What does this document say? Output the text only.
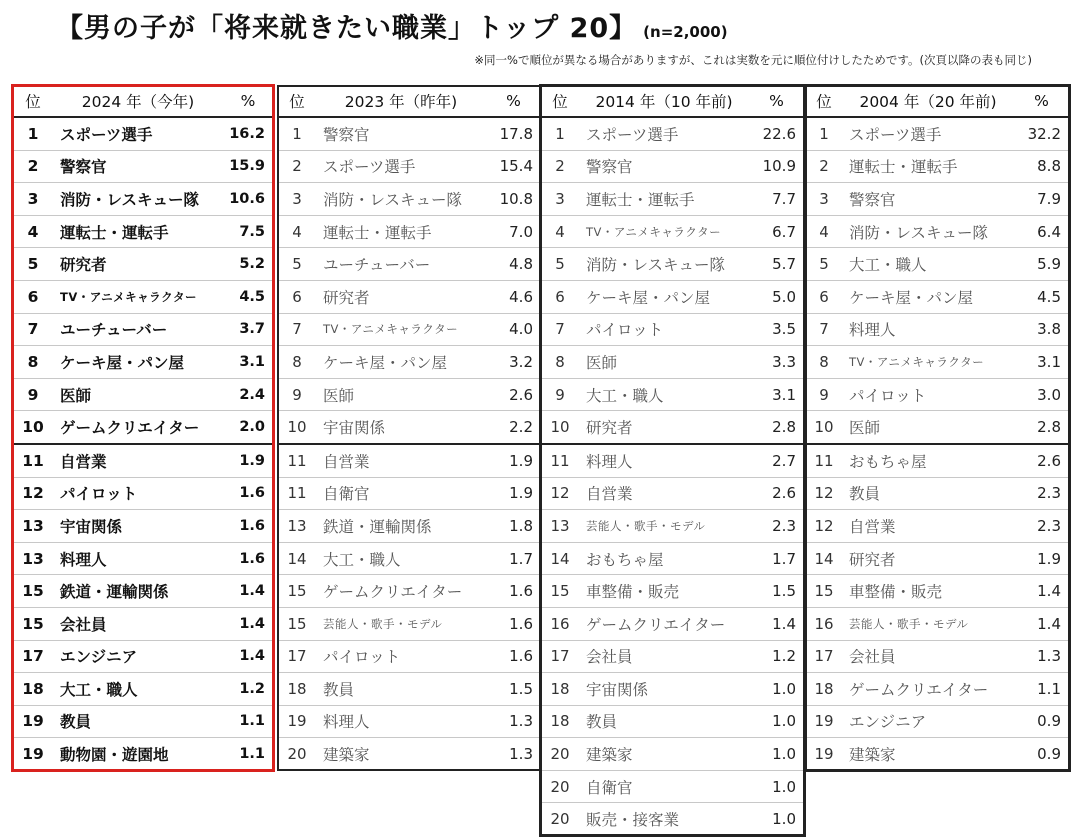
【男の子が「将来就きたい職業」トップ 20】 (n=2,000)
※同一%で順位が異なる場合がありますが、これは実数を元に順位付けしたためです。(次頁以降の表も同じ)
位	2024 年（今年)	%
1	スポーツ選手	16.2
2	警察官	15.9
3	消防・レスキュー隊	10.6
4	運転士・運転手	7.5
5	研究者	5.2
6	TV・アニメキャラクター	4.5
7	ユーチューバー	3.7
8	ケーキ屋・パン屋	3.1
9	医師	2.4
10	ゲームクリエイター	2.0
11	自営業	1.9
12	パイロット	1.6
13	宇宙関係	1.6
13	料理人	1.6
15	鉄道・運輸関係	1.4
15	会社員	1.4
17	エンジニア	1.4
18	大工・職人	1.2
19	教員	1.1
19	動物園・遊園地	1.1
位	2023 年（昨年)	%
1	警察官	17.8
2	スポーツ選手	15.4
3	消防・レスキュー隊	10.8
4	運転士・運転手	7.0
5	ユーチューバー	4.8
6	研究者	4.6
7	TV・アニメキャラクター	4.0
8	ケーキ屋・パン屋	3.2
9	医師	2.6
10	宇宙関係	2.2
11	自営業	1.9
11	自衛官	1.9
13	鉄道・運輸関係	1.8
14	大工・職人	1.7
15	ゲームクリエイター	1.6
15	芸能人・歌手・モデル	1.6
17	パイロット	1.6
18	教員	1.5
19	料理人	1.3
20	建築家	1.3
位	2014 年（10 年前)	%
1	スポーツ選手	22.6
2	警察官	10.9
3	運転士・運転手	7.7
4	TV・アニメキャラクター	6.7
5	消防・レスキュー隊	5.7
6	ケーキ屋・パン屋	5.0
7	パイロット	3.5
8	医師	3.3
9	大工・職人	3.1
10	研究者	2.8
11	料理人	2.7
12	自営業	2.6
13	芸能人・歌手・モデル	2.3
14	おもちゃ屋	1.7
15	車整備・販売	1.5
16	ゲームクリエイター	1.4
17	会社員	1.2
18	宇宙関係	1.0
18	教員	1.0
20	建築家	1.0
20	自衛官	1.0
20	販売・接客業	1.0
位	2004 年（20 年前)	%
1	スポーツ選手	32.2
2	運転士・運転手	8.8
3	警察官	7.9
4	消防・レスキュー隊	6.4
5	大工・職人	5.9
6	ケーキ屋・パン屋	4.5
7	料理人	3.8
8	TV・アニメキャラクター	3.1
9	パイロット	3.0
10	医師	2.8
11	おもちゃ屋	2.6
12	教員	2.3
12	自営業	2.3
14	研究者	1.9
15	車整備・販売	1.4
16	芸能人・歌手・モデル	1.4
17	会社員	1.3
18	ゲームクリエイター	1.1
19	エンジニア	0.9
19	建築家	0.9
